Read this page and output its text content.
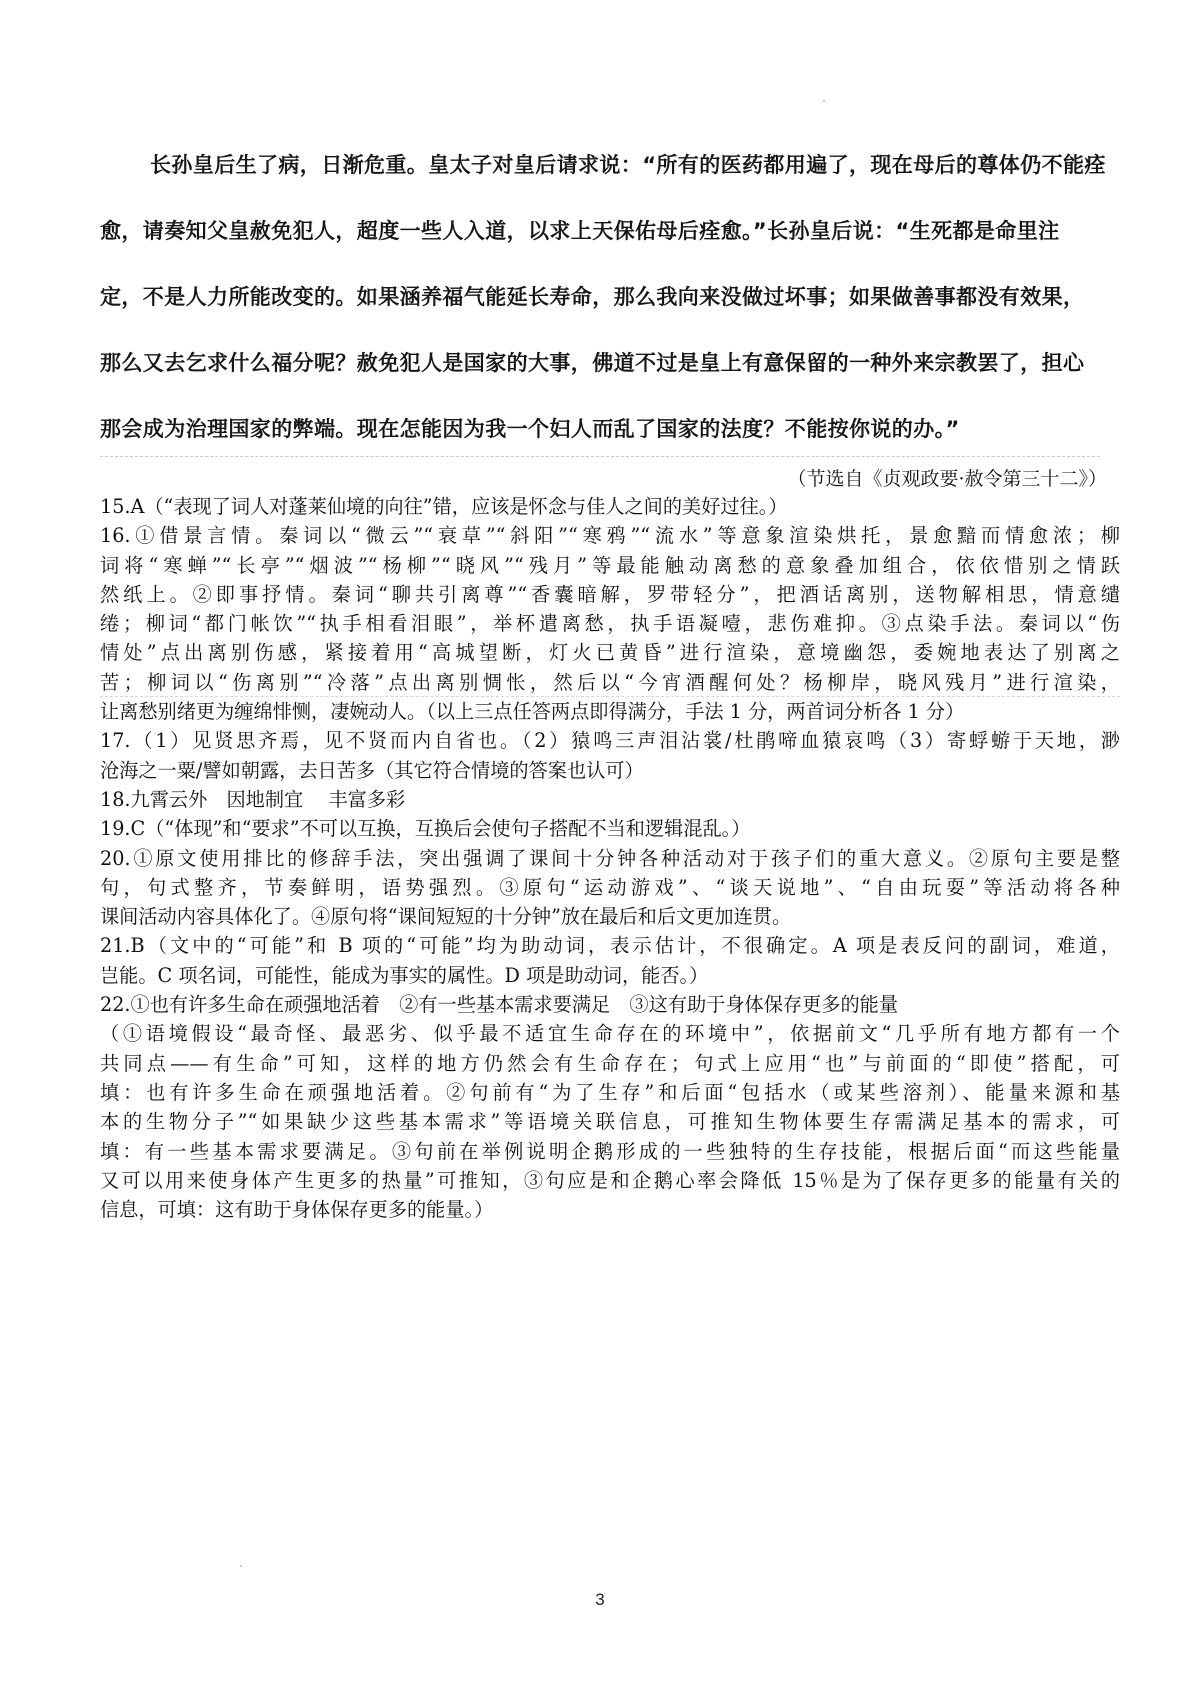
长孙皇后生了病，日渐危重。皇太子对皇后请求说：“所有的医药都用遍了，现在母后的尊体仍不能痊
愈，请奏知父皇赦免犯人，超度一些人入道，以求上天保佑母后痊愈。”长孙皇后说：“生死都是命里注
定，不是人力所能改变的。如果涵养福气能延长寿命，那么我向来没做过坏事；如果做善事都没有效果，
那么又去乞求什么福分呢？赦免犯人是国家的大事，佛道不过是皇上有意保留的一种外来宗教罢了，担心
那会成为治理国家的弊端。现在怎能因为我一个妇人而乱了国家的法度？不能按你说的办。”
（节选自《贞观政要·赦令第三十二》）
15.A（“表现了词人对蓬莱仙境的向往”错，应该是怀念与佳人之间的美好过往。）
16.①借景言情。秦词以“微云”“衰草”“斜阳”“寒鸦”“流水”等意象渲染烘托，景愈黯而情愈浓；柳
词将“寒蝉”“长亭”“烟波”“杨柳”“晓风”“残月”等最能触动离愁的意象叠加组合，依依惜别之情跃
然纸上。②即事抒情。秦词“聊共引离尊”“香囊暗解，罗带轻分”，把酒话离别，送物解相思，情意缱
绻；柳词“都门帐饮”“执手相看泪眼”，举杯遣离愁，执手语凝噎，悲伤难抑。③点染手法。秦词以“伤
情处”点出离别伤感，紧接着用“高城望断，灯火已黄昏”进行渲染，意境幽怨，委婉地表达了别离之
苦；柳词以“伤离别”“冷落”点出离别惆怅，然后以“今宵酒醒何处？杨柳岸，晓风残月”进行渲染，
让离愁别绪更为缠绵悱恻，凄婉动人。（以上三点任答两点即得满分，手法 1 分，两首词分析各 1 分）
17.（1）见贤思齐焉，见不贤而内自省也。（2）猿鸣三声泪沾裳/杜鹃啼血猿哀鸣（3）寄蜉蝣于天地，渺
沧海之一粟/譬如朝露，去日苦多（其它符合情境的答案也认可）
18.九霄云外　因地制宜　 丰富多彩
19.C（“体现”和“要求”不可以互换，互换后会使句子搭配不当和逻辑混乱。）
20.①原文使用排比的修辞手法，突出强调了课间十分钟各种活动对于孩子们的重大意义。②原句主要是整
句，句式整齐，节奏鲜明，语势强烈。③原句“运动游戏”、“谈天说地”、“自由玩耍”等活动将各种
课间活动内容具体化了。④原句将“课间短短的十分钟”放在最后和后文更加连贯。
21.B（文中的“可能”和 B 项的“可能”均为助动词，表示估计，不很确定。A 项是表反问的副词，难道，
岂能。C 项名词，可能性，能成为事实的属性。D 项是助动词，能否。）
22.①也有许多生命在顽强地活着　②有一些基本需求要满足　③这有助于身体保存更多的能量
（①语境假设“最奇怪、最恶劣、似乎最不适宜生命存在的环境中”，依据前文“几乎所有地方都有一个
共同点——有生命”可知，这样的地方仍然会有生命存在；句式上应用“也”与前面的“即使”搭配，可
填：也有许多生命在顽强地活着。②句前有“为了生存”和后面“包括水（或某些溶剂）、能量来源和基
本的生物分子”“如果缺少这些基本需求”等语境关联信息，可推知生物体要生存需满足基本的需求，可
填：有一些基本需求要满足。③句前在举例说明企鹅形成的一些独特的生存技能，根据后面“而这些能量
又可以用来使身体产生更多的热量”可推知，③句应是和企鹅心率会降低 15％是为了保存更多的能量有关的
信息，可填：这有助于身体保存更多的能量。）
3
